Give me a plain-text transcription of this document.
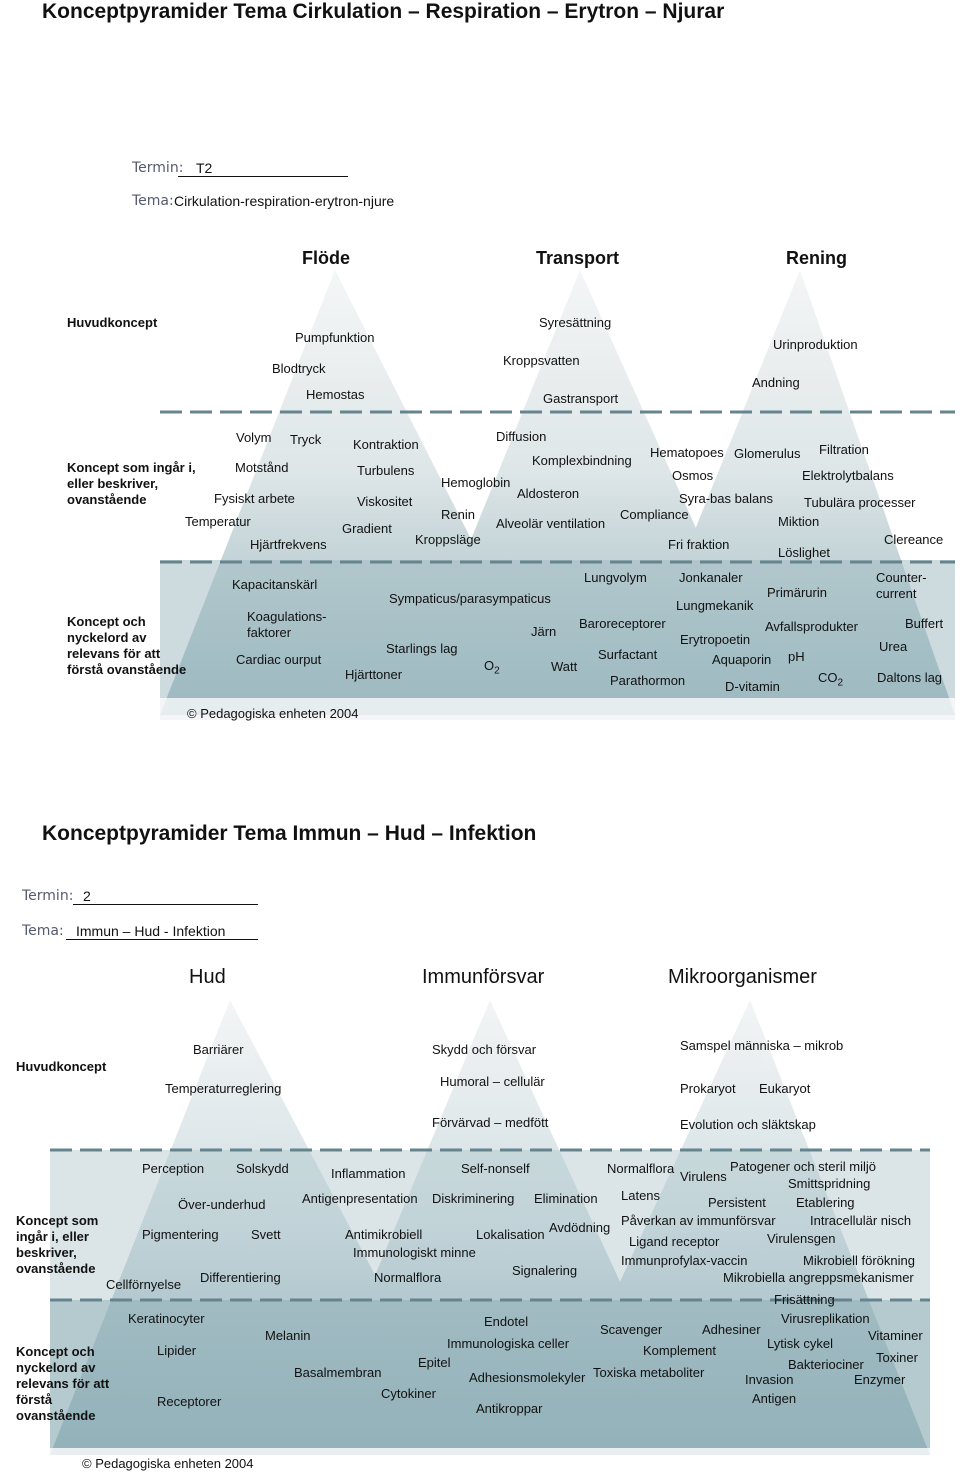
Konceptpyramider Tema Cirkulation – Respiration – Erytron – Njurar
Termin: T2
Tema: Cirkulation-respiration-erytron-njure
Flöde	Transport	Rening
Huvudkoncept
Koncept som ingår i, eller beskriver, ovanstående
Koncept och nyckelord av relevans för att förstå ovanstående
Pumpfunktion
Blodtryck
Hemostas
Syresättning
Kroppsvatten
Gastransport
Urinproduktion
Andning
Volym Tryck Kontraktion
Motstånd	Turbulens
Fysiskt arbete	Viskositet
Temperatur	Gradient
Hjärtfrekvens
Diffusion
Komplexbindning
Hemoglobin
Aldosteron
Renin
Alveolär ventilation
Kroppsläge
Hematopoes Glomerulus Filtration
Osmos	Elektrolytbalans
Syra-bas balans Tubulära processer
Compliance	Miktion
Fri fraktion	Clereance
Löslighet
Kapacitanskärl
Koagulations-
faktorer
Cardiac ourput
Sympaticus/parasympaticus
Järn
Starlings lag
Hjärttoner
$O_2$	Watt
Lungvolym Jonkanaler
Primärurin
Counter-
current
Lungmekanik
Baroreceptorer	Avfallsprodukter	Buffert
Erytropoetin	Urea
Surfactant	Aquaporin pH
Parathormon	$CO_2$
D-vitamin
Daltons lag
© Pedagogiska enheten 2004
Konceptpyramider Tema Immun – Hud – Infektion
Termin: 2
Tema: Immun – Hud - Infektion
Hud	Immunförsvar	Mikroorganismer
Huvudkoncept
Koncept som ingår i, eller beskriver, ovanstående
Koncept och nyckelord av relevans för att förstå ovanstående
Barriärer
Temperaturreglering
Skydd och försvar
Humoral – cellulär
Förvärvad – medfött
Samspel människa – mikrob
Prokaryot Eukaryot
Evolution och släktskap
Perception Solskydd	Inflammation	Self-nonself	Normalflora
Virulens
Patogener och steril miljö
Smittspridning
Över-underhud	Antigenpresentation Diskriminering Elimination Latens	Persistent Etablering
Pigmentering Svett	Antimikrobiell	Lokalisation Avdödning Påverkan av immunförsvar	Intracellulär nisch
Ligand receptor	Virulensgen
Immunologiskt minne
Immunprofylax-vaccin	Mikrobiell förökning
Cellförnyelse Differentiering	Normalflora	Signalering	Mikrobiella angreppsmekanismer
Frisättning
Keratinocyter	Virusreplikation
Melanin
Endotel
Scavenger	Adhesiner	Vitaminer
Lipider	Immunologiska celler	Komplement	Lytisk cykel
Toxiner
Epitel	Bakteriociner
Basalmembran	Adhesionsmolekyler Toxiska metaboliter	Invasion	Enzymer
Cytokiner	Antigen
Receptorer	Antikroppar
© Pedagogiska enheten 2004
